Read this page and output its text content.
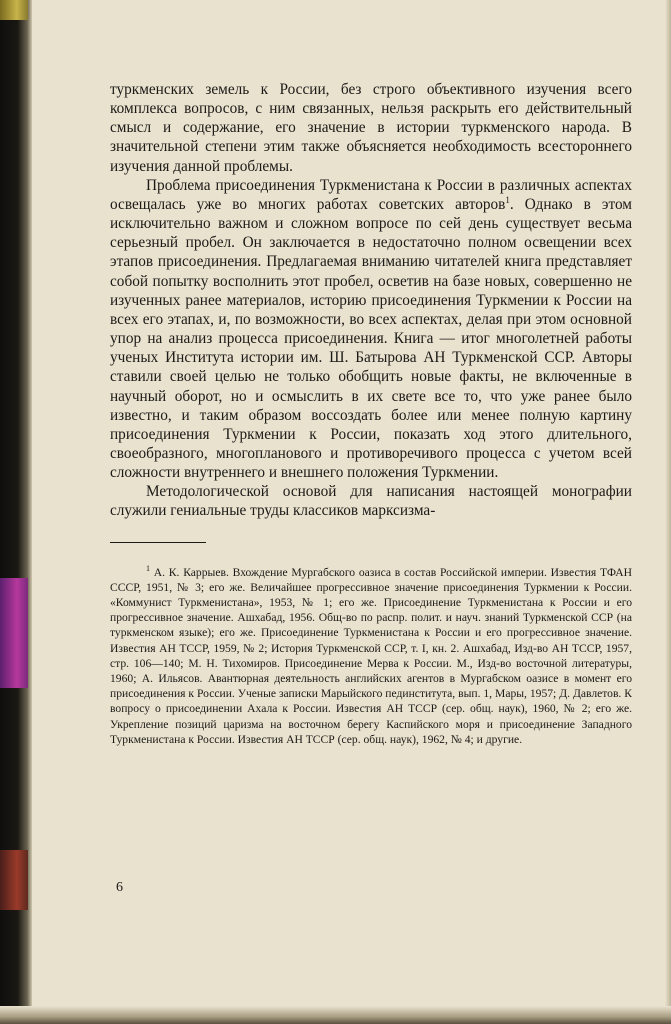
туркменских земель к России, без строго объективного изучения всего комплекса вопросов, с ним связанных, нельзя раскрыть его действительный смысл и содержание, его значение в истории туркменского народа. В значительной степени этим также объясняется необходимость всестороннего изучения данной проблемы.

Проблема присоединения Туркменистана к России в различных аспектах освещалась уже во многих работах советских авторов$^1$. Однако в этом исключительно важном и сложном вопросе по сей день существует весьма серьезный пробел. Он заключается в недостаточно полном освещении всех этапов присоединения. Предлагаемая вниманию читателей книга представляет собой попытку восполнить этот пробел, осветив на базе новых, совершенно не изученных ранее материалов, историю присоединения Туркмении к России на всех его этапах, и, по возможности, во всех аспектах, делая при этом основной упор на анализ процесса присоединения. Книга — итог многолетней работы ученых Института истории им. Ш. Батырова АН Туркменской ССР. Авторы ставили своей целью не только обобщить новые факты, не включенные в научный оборот, но и осмыслить в их свете все то, что уже ранее было известно, и таким образом воссоздать более или менее полную картину присоединения Туркмении к России, показать ход этого длительного, своеобразного, многопланового и противоречивого процесса с учетом всей сложности внутреннего и внешнего положения Туркмении.

Методологической основой для написания настоящей монографии служили гениальные труды классиков марксизма-

$^1$ А. К. Каррыев. Вхождение Мургабского оазиса в состав Российской империи. Известия ТФАН СССР, 1951, № 3; его же. Величайшее прогрессивное значение присоединения Туркмении к России. «Коммунист Туркменистана», 1953, № 1; его же. Присоединение Туркменистана к России и его прогрессивное значение. Ашхабад, 1956. Общ-во по распр. полит. и науч. знаний Туркменской ССР (на туркменском языке); его же. Присоединение Туркменистана к России и его прогрессивное значение. Известия АН ТССР, 1959, № 2; История Туркменской ССР, т. I, кн. 2. Ашхабад, Изд-во АН ТССР, 1957, стр. 106—140; М. Н. Тихомиров. Присоединение Мерва к России. М., Изд-во восточной литературы, 1960; А. Ильясов. Авантюрная деятельность английских агентов в Мургабском оазисе в момент его присоединения к России. Ученые записки Марыйского пединститута, вып. 1, Мары, 1957; Д. Давлетов. К вопросу о присоединении Ахала к России. Известия АН ТССР (сер. общ. наук), 1960, № 2; его же. Укрепление позиций царизма на восточном берегу Каспийского моря и присоединение Западного Туркменистана к России. Известия АН ТССР (сер. общ. наук), 1962, № 4; и другие.

6
